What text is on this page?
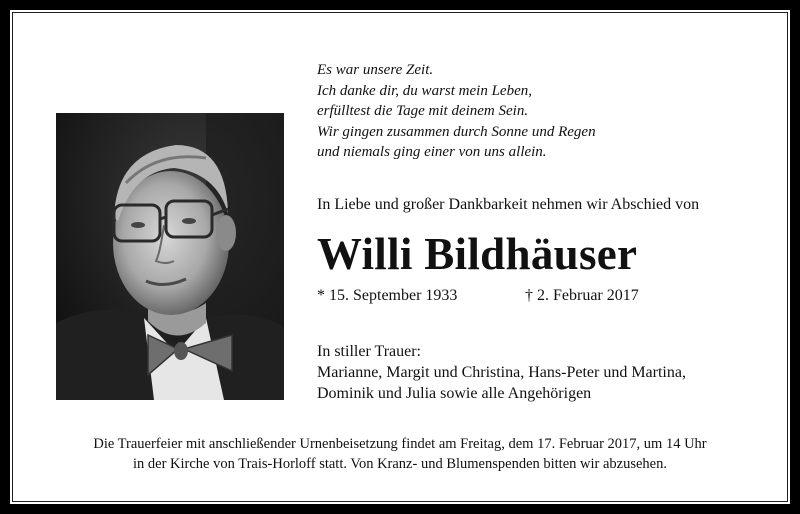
Es war unsere Zeit.
Ich danke dir, du warst mein Leben,
erfülltest die Tage mit deinem Sein.
Wir gingen zusammen durch Sonne und Regen
und niemals ging einer von uns allein.
In Liebe und großer Dankbarkeit nehmen wir Abschied von
Willi Bildhäuser
* 15. September 1933	† 2. Februar 2017
In stiller Trauer:
Marianne, Margit und Christina, Hans-Peter und Martina,
Dominik und Julia sowie alle Angehörigen
Die Trauerfeier mit anschließender Urnenbeisetzung findet am Freitag, dem 17. Februar 2017, um 14 Uhr
in der Kirche von Trais-Horloff statt. Von Kranz- und Blumenspenden bitten wir abzusehen.
